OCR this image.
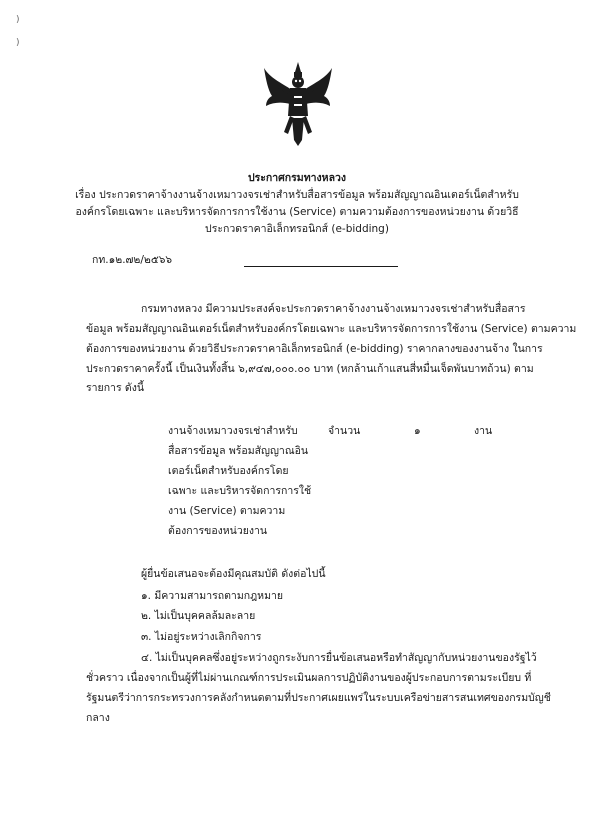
)
)
ประกาศกรมทางหลวง
เรื่อง ประกวดราคาจ้างงานจ้างเหมาวงจรเช่าสำหรับสื่อสารข้อมูล พร้อมสัญญาณอินเตอร์เน็ตสำหรับ
องค์กรโดยเฉพาะ และบริหารจัดการการใช้งาน (Service) ตามความต้องการของหน่วยงาน ด้วยวิธี
ประกวดราคาอิเล็กทรอนิกส์ (e-bidding)
กท.๑๒.๗๒/๒๕๖๖
กรมทางหลวง มีความประสงค์จะประกวดราคาจ้างงานจ้างเหมาวงจรเช่าสำหรับสื่อสาร
ข้อมูล พร้อมสัญญาณอินเตอร์เน็ตสำหรับองค์กรโดยเฉพาะ และบริหารจัดการการใช้งาน (Service) ตามความ
ต้องการของหน่วยงาน ด้วยวิธีประกวดราคาอิเล็กทรอนิกส์ (e-bidding) ราคากลางของงานจ้าง ในการ
ประกวดราคาครั้งนี้ เป็นเงินทั้งสิ้น ๖,๙๔๗,๐๐๐.๐๐ บาท (หกล้านเก้าแสนสี่หมื่นเจ็ดพันบาทถ้วน) ตาม
รายการ ดังนี้
งานจ้างเหมาวงจรเช่าสำหรับ
สื่อสารข้อมูล พร้อมสัญญาณอิน
เตอร์เน็ตสำหรับองค์กรโดย
เฉพาะ และบริหารจัดการการใช้
งาน (Service) ตามความ
ต้องการของหน่วยงาน
จำนวน	๑	งาน
ผู้ยื่นข้อเสนอจะต้องมีคุณสมบัติ ดังต่อไปนี้
๑. มีความสามารถตามกฎหมาย
๒. ไม่เป็นบุคคลล้มละลาย
๓. ไม่อยู่ระหว่างเลิกกิจการ
๔. ไม่เป็นบุคคลซึ่งอยู่ระหว่างถูกระงับการยื่นข้อเสนอหรือทำสัญญากับหน่วยงานของรัฐไว้
ชั่วคราว เนื่องจากเป็นผู้ที่ไม่ผ่านเกณฑ์การประเมินผลการปฏิบัติงานของผู้ประกอบการตามระเบียบ ที่
รัฐมนตรีว่าการกระทรวงการคลังกำหนดตามที่ประกาศเผยแพร่ในระบบเครือข่ายสารสนเทศของกรมบัญชี
กลาง
